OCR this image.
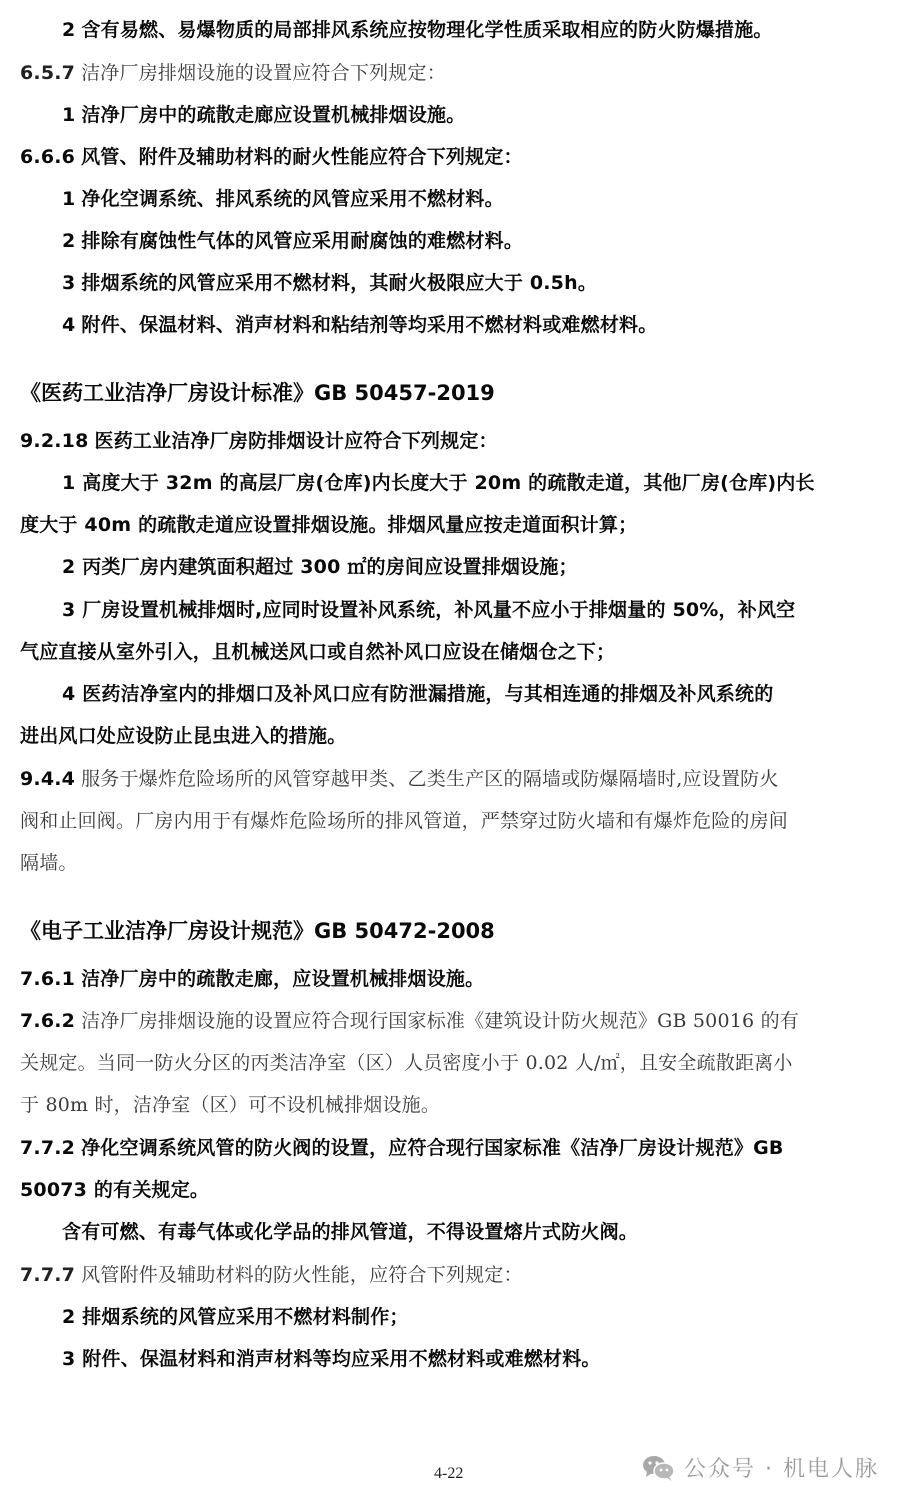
2 含有易燃、易爆物质的局部排风系统应按物理化学性质采取相应的防火防爆措施。
6.5.7 洁净厂房排烟设施的设置应符合下列规定：
1 洁净厂房中的疏散走廊应设置机械排烟设施。
6.6.6 风管、附件及辅助材料的耐火性能应符合下列规定：
1 净化空调系统、排风系统的风管应采用不燃材料。
2 排除有腐蚀性气体的风管应采用耐腐蚀的难燃材料。
3 排烟系统的风管应采用不燃材料，其耐火极限应大于 0.5h。
4 附件、保温材料、消声材料和粘结剂等均采用不燃材料或难燃材料。
《医药工业洁净厂房设计标准》GB 50457-2019
9.2.18 医药工业洁净厂房防排烟设计应符合下列规定：
1 高度大于 32m 的高层厂房(仓库)内长度大于 20m 的疏散走道，其他厂房(仓库)内长
度大于 40m 的疏散走道应设置排烟设施。排烟风量应按走道面积计算；
2 丙类厂房内建筑面积超过 300 ㎡的房间应设置排烟设施；
3 厂房设置机械排烟时,应同时设置补风系统，补风量不应小于排烟量的 50%，补风空
气应直接从室外引入，且机械送风口或自然补风口应设在储烟仓之下；
4 医药洁净室内的排烟口及补风口应有防泄漏措施，与其相连通的排烟及补风系统的
进出风口处应设防止昆虫进入的措施。
9.4.4 服务于爆炸危险场所的风管穿越甲类、乙类生产区的隔墙或防爆隔墙时,应设置防火
阀和止回阀。厂房内用于有爆炸危险场所的排风管道，严禁穿过防火墙和有爆炸危险的房间
隔墙。
《电子工业洁净厂房设计规范》GB 50472-2008
7.6.1 洁净厂房中的疏散走廊，应设置机械排烟设施。
7.6.2 洁净厂房排烟设施的设置应符合现行国家标准《建筑设计防火规范》GB 50016 的有
关规定。当同一防火分区的丙类洁净室（区）人员密度小于 0.02 人/㎡，且安全疏散距离小
于 80m 时，洁净室（区）可不设机械排烟设施。
7.7.2 净化空调系统风管的防火阀的设置，应符合现行国家标准《洁净厂房设计规范》GB
50073 的有关规定。
含有可燃、有毒气体或化学品的排风管道，不得设置熔片式防火阀。
7.7.7 风管附件及辅助材料的防火性能，应符合下列规定：
2 排烟系统的风管应采用不燃材料制作；
3 附件、保温材料和消声材料等均应采用不燃材料或难燃材料。
4-22	公众号 · 机电人脉
